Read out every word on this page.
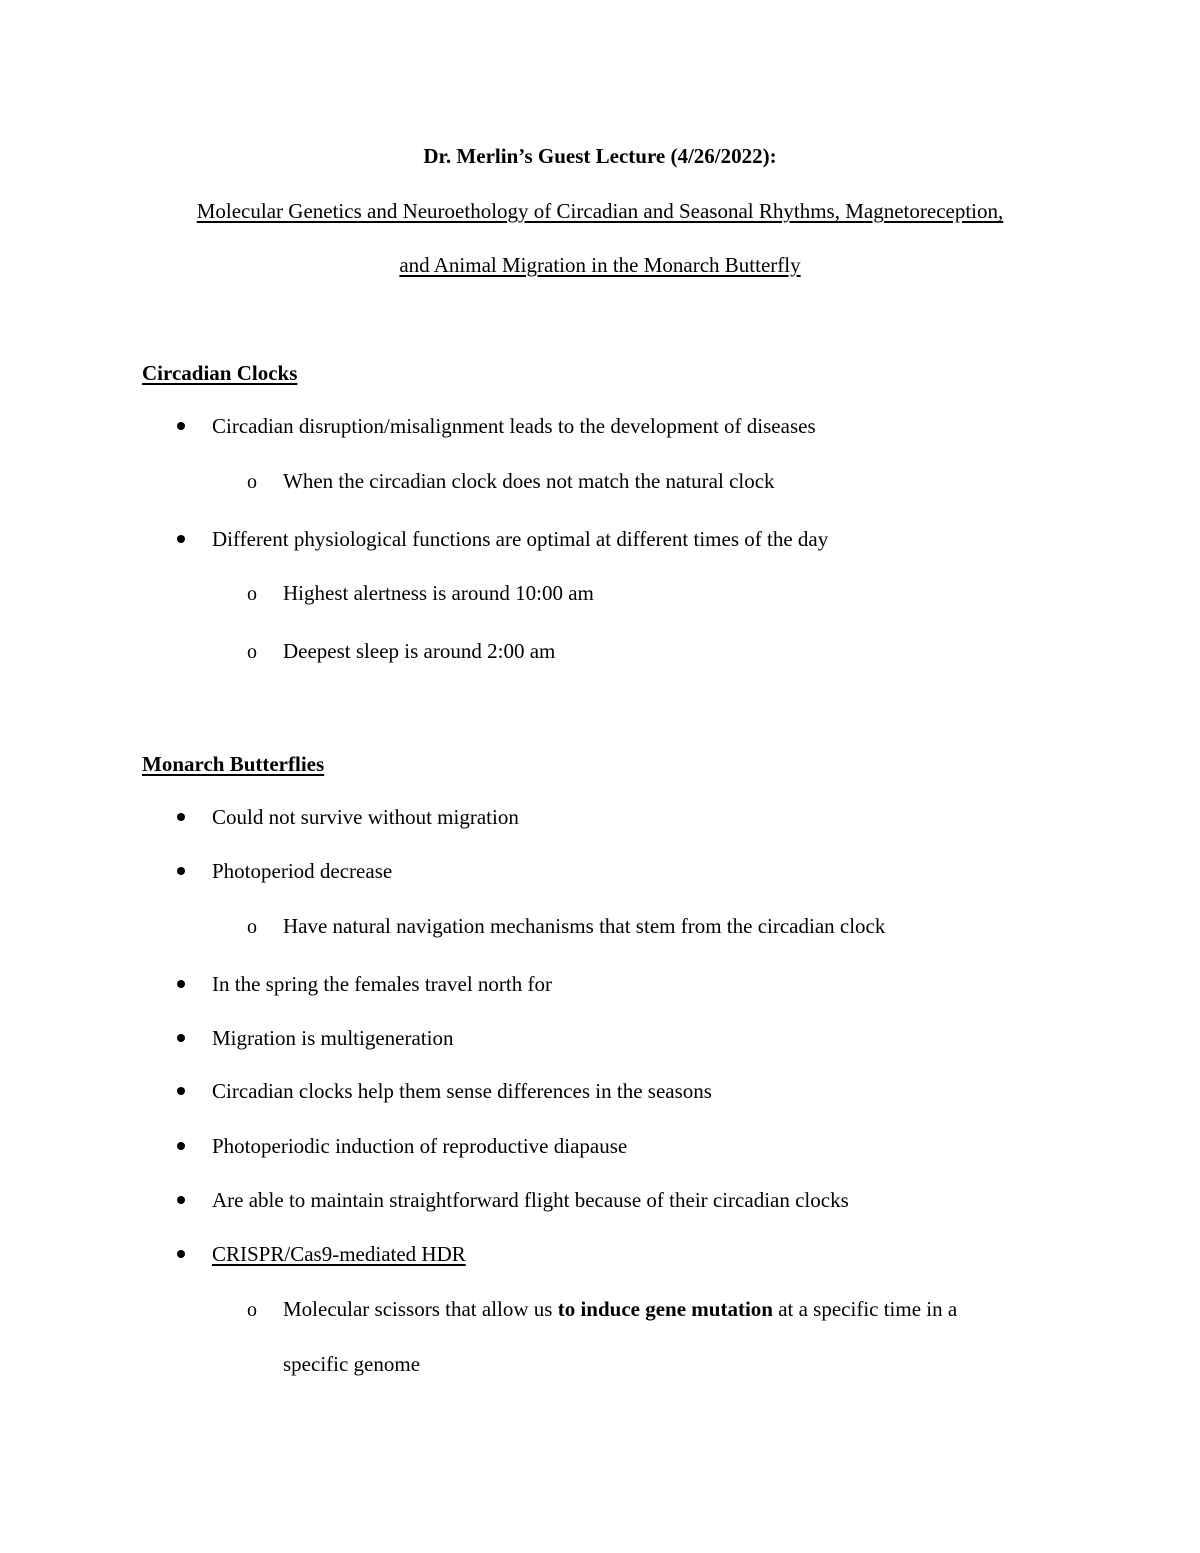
Dr. Merlin’s Guest Lecture (4/26/2022):
Molecular Genetics and Neuroethology of Circadian and Seasonal Rhythms, Magnetoreception,
and Animal Migration in the Monarch Butterfly
Circadian Clocks
Circadian disruption/misalignment leads to the development of diseases
o When the circadian clock does not match the natural clock
Different physiological functions are optimal at different times of the day
o Highest alertness is around 10:00 am
o Deepest sleep is around 2:00 am
Monarch Butterflies
Could not survive without migration
Photoperiod decrease
o Have natural navigation mechanisms that stem from the circadian clock
In the spring the females travel north for
Migration is multigeneration
Circadian clocks help them sense differences in the seasons
Photoperiodic induction of reproductive diapause
Are able to maintain straightforward flight because of their circadian clocks
CRISPR/Cas9-mediated HDR
o Molecular scissors that allow us to induce gene mutation at a specific time in a
specific genome
